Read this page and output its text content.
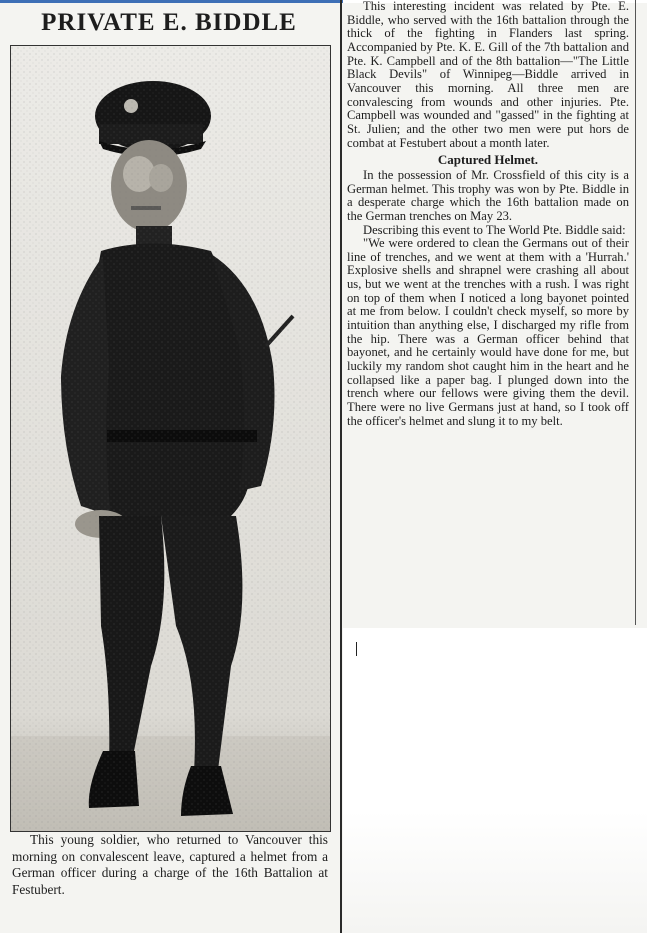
PRIVATE E. BIDDLE
This young soldier, who returned to Vancouver this morning on convalescent leave, captured a helmet from a German officer during a charge of the 16th Battalion at Festubert.

This interesting incident was related by Pte. E. Biddle, who served with the 16th battalion through the thick of the fighting in Flanders last spring. Accompanied by Pte. K. E. Gill of the 7th battalion and Pte. K. Campbell and of the 8th battalion—"The Little Black Devils" of Winnipeg—Biddle arrived in Vancouver this morning. All three men are convalescing from wounds and other injuries. Pte. Campbell was wounded and "gassed" in the fighting at St. Julien; and the other two men were put hors de combat at Festubert about a month later.

Captured Helmet.

In the possession of Mr. Crossfield of this city is a German helmet. This trophy was won by Pte. Biddle in a desperate charge which the 16th battalion made on the German trenches on May 23.

Describing this event to The World Pte. Biddle said:

"We were ordered to clean the Germans out of their line of trenches, and we went at them with a 'Hurrah.' Explosive shells and shrapnel were crashing all about us, but we went at the trenches with a rush. I was right on top of them when I noticed a long bayonet pointed at me from below. I couldn't check myself, so more by intuition than anything else, I discharged my rifle from the hip. There was a German officer behind that bayonet, and he certainly would have done for me, but luckily my random shot caught him in the heart and he collapsed like a paper bag. I plunged down into the trench where our fellows were giving them the devil. There were no live Germans just at hand, so I took off the officer's helmet and slung it to my belt.
